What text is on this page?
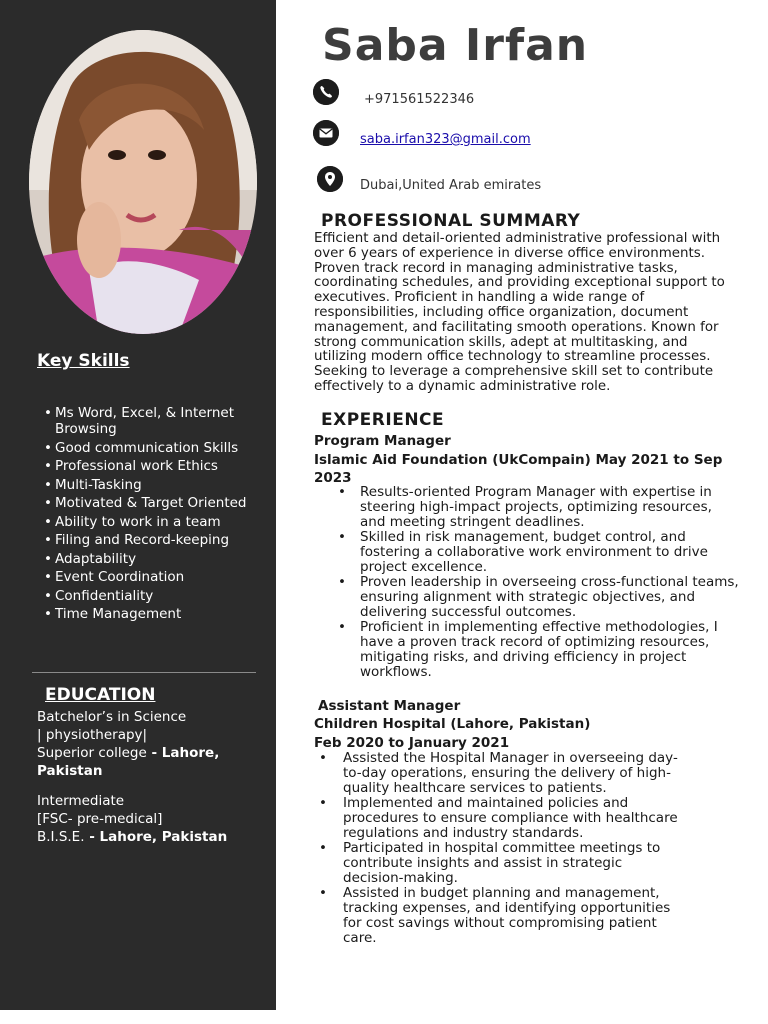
Key Skills
• Ms Word, Excel, & Internet Browsing
• Good communication Skills
• Professional work Ethics
• Multi-Tasking
• Motivated & Target Oriented
• Ability to work in a team
• Filing and Record-keeping
• Adaptability
• Event Coordination
• Confidentiality
• Time Management
EDUCATION
Batchelor’s in Science
| physiotherapy|
Superior college - Lahore,
Pakistan
Intermediate
[FSC- pre-medical]
B.I.S.E. - Lahore, Pakistan
Saba Irfan
+971561522346
saba.irfan323@gmail.com
Dubai,United Arab emirates
PROFESSIONAL SUMMARY

Efficient and detail-oriented administrative professional with over 6 years of experience in diverse office environments. Proven track record in managing administrative tasks, coordinating schedules, and providing exceptional support to executives. Proficient in handling a wide range of responsibilities, including office organization, document management, and facilitating smooth operations. Known for strong communication skills, adept at multitasking, and utilizing modern office technology to streamline processes. Seeking to leverage a comprehensive skill set to contribute effectively to a dynamic administrative role.

EXPERIENCE
Program Manager
Islamic Aid Foundation (UkCompain) May 2021 to Sep 2023
• Results-oriented Program Manager with expertise in steering high-impact projects, optimizing resources, and meeting stringent deadlines.
• Skilled in risk management, budget control, and fostering a collaborative work environment to drive project excellence.
• Proven leadership in overseeing cross-functional teams, ensuring alignment with strategic objectives, and delivering successful outcomes.
• Proficient in implementing effective methodologies, I have a proven track record of optimizing resources, mitigating risks, and driving efficiency in project workflows.
Assistant Manager
Children Hospital (Lahore, Pakistan)
Feb 2020 to January 2021
• Assisted the Hospital Manager in overseeing day-to-day operations, ensuring the delivery of high-quality healthcare services to patients.
• Implemented and maintained policies and procedures to ensure compliance with healthcare regulations and industry standards.
• Participated in hospital committee meetings to contribute insights and assist in strategic decision-making.
• Assisted in budget planning and management, tracking expenses, and identifying opportunities for cost savings without compromising patient care.
